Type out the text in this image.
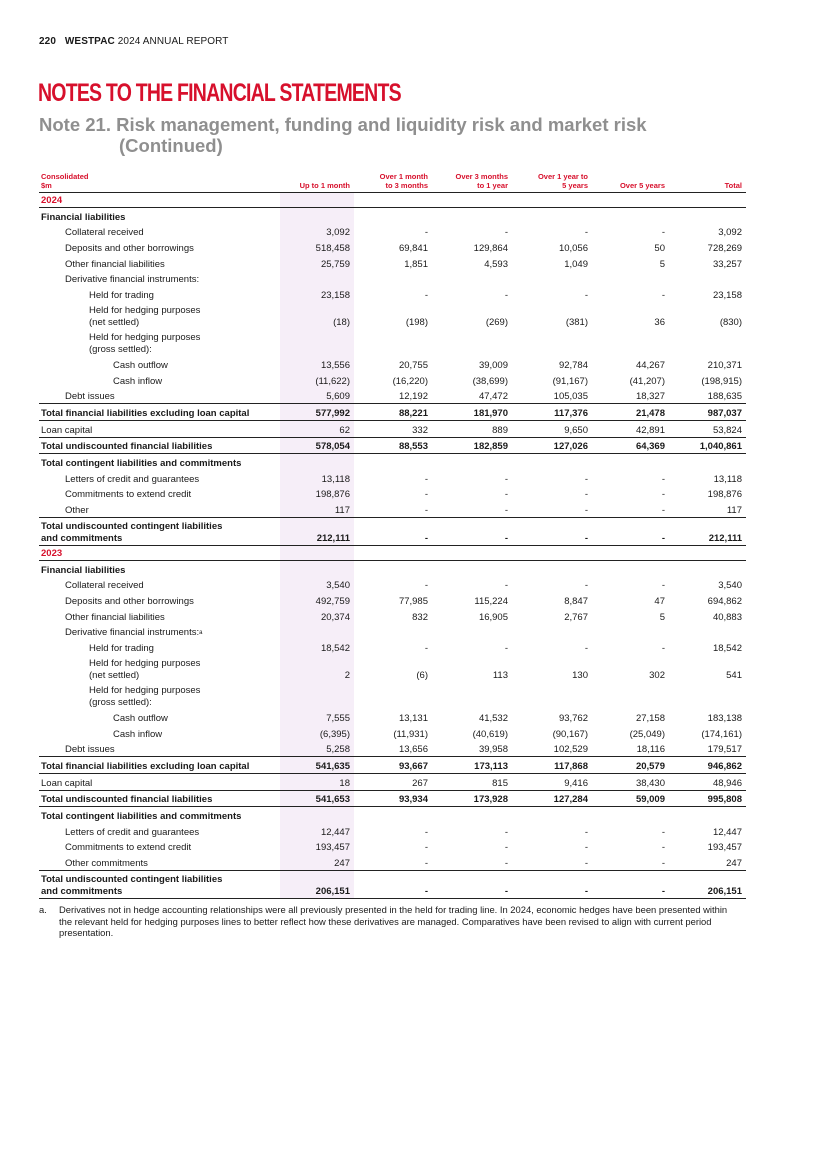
220 WESTPAC 2024 ANNUAL REPORT
NOTES TO THE FINANCIAL STATEMENTS
Note 21. Risk management, funding and liquidity risk and market risk
(Continued)
Consolidated
$m	Up to 1 month	Over 1 month
to 3 months	Over 3 months
to 1 year	Over 1 year to
5 years	Over 5 years	Total
2024						
Financial liabilities						
Collateral received	3,092	-	-	-	-	3,092
Deposits and other borrowings	518,458	69,841	129,864	10,056	50	728,269
Other financial liabilities	25,759	1,851	4,593	1,049	5	33,257
Derivative financial instruments:						
Held for trading	23,158	-	-	-	-	23,158
Held for hedging purposes
(net settled)	(18)	(198)	(269)	(381)	36	(830)
Held for hedging purposes
(gross settled):						
Cash outflow	13,556	20,755	39,009	92,784	44,267	210,371
Cash inflow	(11,622)	(16,220)	(38,699)	(91,167)	(41,207)	(198,915)
Debt issues	5,609	12,192	47,472	105,035	18,327	188,635
Total financial liabilities excluding loan capital	577,992	88,221	181,970	117,376	21,478	987,037
Loan capital	62	332	889	9,650	42,891	53,824
Total undiscounted financial liabilities	578,054	88,553	182,859	127,026	64,369	1,040,861
Total contingent liabilities and commitments						
Letters of credit and guarantees	13,118	-	-	-	-	13,118
Commitments to extend credit	198,876	-	-	-	-	198,876
Other	117	-	-	-	-	117
Total undiscounted contingent liabilities
and commitments	212,111	-	-	-	-	212,111
2023						
Financial liabilities						
Collateral received	3,540	-	-	-	-	3,540
Deposits and other borrowings	492,759	77,985	115,224	8,847	47	694,862
Other financial liabilities	20,374	832	16,905	2,767	5	40,883
Derivative financial instruments:$^a$						
Held for trading	18,542	-	-	-	-	18,542
Held for hedging purposes
(net settled)	2	(6)	113	130	302	541
Held for hedging purposes
(gross settled):						
Cash outflow	7,555	13,131	41,532	93,762	27,158	183,138
Cash inflow	(6,395)	(11,931)	(40,619)	(90,167)	(25,049)	(174,161)
Debt issues	5,258	13,656	39,958	102,529	18,116	179,517
Total financial liabilities excluding loan capital	541,635	93,667	173,113	117,868	20,579	946,862
Loan capital	18	267	815	9,416	38,430	48,946
Total undiscounted financial liabilities	541,653	93,934	173,928	127,284	59,009	995,808
Total contingent liabilities and commitments						
Letters of credit and guarantees	12,447	-	-	-	-	12,447
Commitments to extend credit	193,457	-	-	-	-	193,457
Other commitments	247	-	-	-	-	247
Total undiscounted contingent liabilities
and commitments	206,151	-	-	-	-	206,151
a.	Derivatives not in hedge accounting relationships were all previously presented in the held for trading line. In 2024, economic hedges have been presented within the relevant held for hedging purposes lines to better reflect how these derivatives are managed. Comparatives have been revised to align with current period presentation.
